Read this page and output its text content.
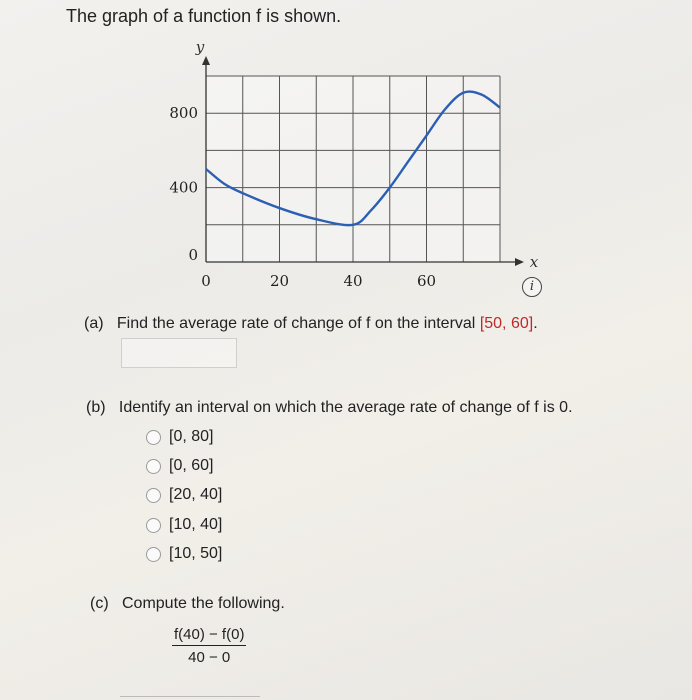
The graph of a function f is shown.
y
x
800
400
0
0	20	40	60	i
(a) Find the average rate of change of f on the interval [50, 60].
(b) Identify an interval on which the average rate of change of f is 0.
[0, 80]
[0, 60]
[20, 40]
[10, 40]
[10, 50]
(c) Compute the following.
$\frac{f(40) - f(0)}{40 - 0}$
